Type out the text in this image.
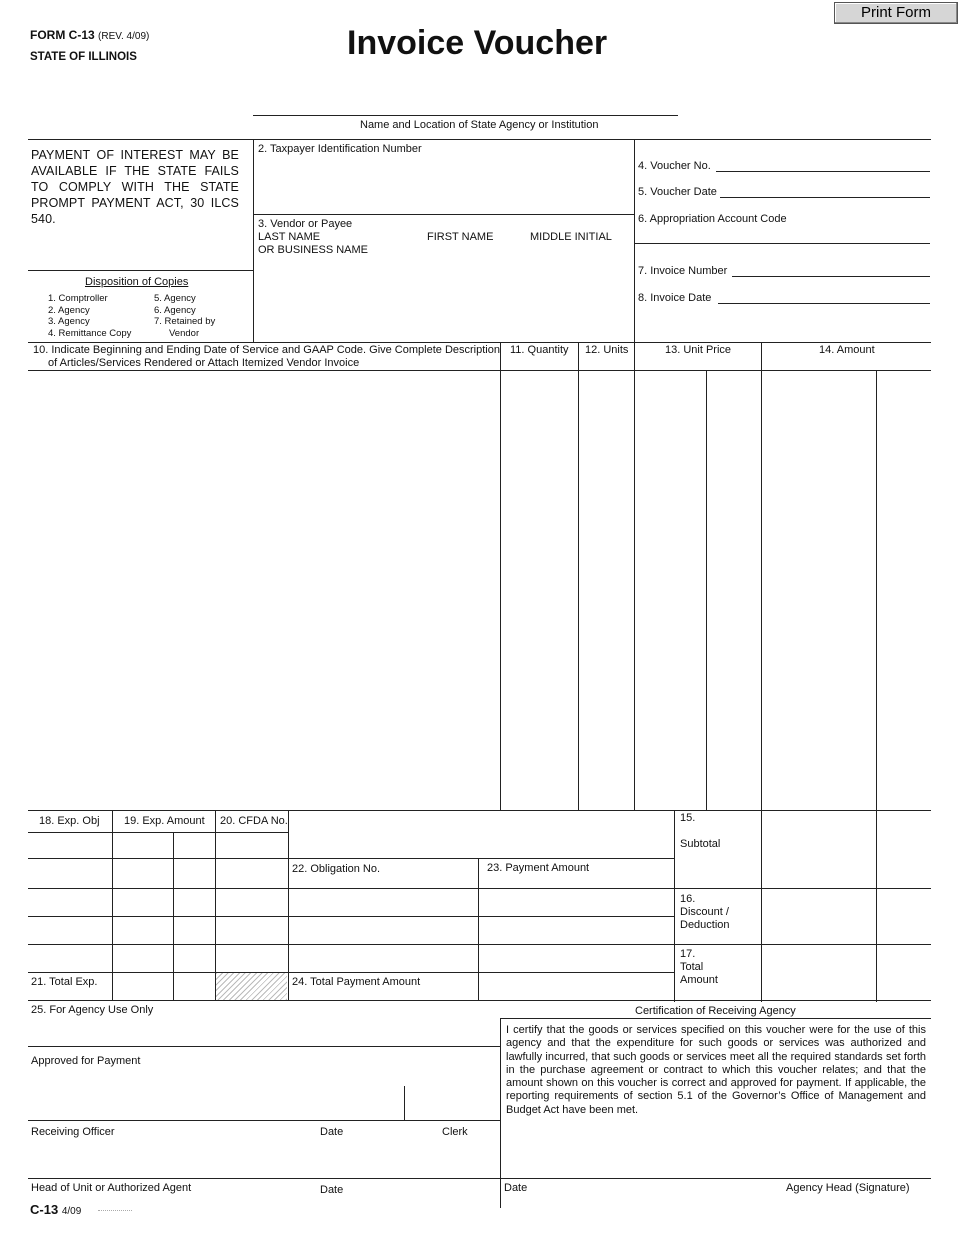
FORM C-13 (REV. 4/09)
STATE OF ILLINOIS	Invoice Voucher
Print Form
Name and Location of State Agency or Institution
PAYMENT OF INTEREST MAY BE AVAILABLE IF THE STATE FAILS TO COMPLY WITH THE STATE PROMPT PAYMENT ACT, 30 ILCS 540.
Disposition of Copies
1. Comptroller
2. Agency
3. Agency
4. Remittance Copy
5. Agency
6. Agency
7. Retained by
Vendor
2. Taxpayer Identification Number
3. Vendor or Payee
LAST NAME
OR BUSINESS NAME
FIRST NAME	MIDDLE INITIAL
4. Voucher No.
5. Voucher Date
6. Appropriation Account Code
7. Invoice Number
8. Invoice Date
10. Indicate Beginning and Ending Date of Service and GAAP Code. Give Complete Description
of Articles/Services Rendered or Attach Itemized Vendor Invoice
11. Quantity 12. Units	13. Unit Price	14. Amount
18. Exp. Obj 19. Exp. Amount 20. CFDA No.
22. Obligation No.	23. Payment Amount
21. Total Exp.	24. Total Payment Amount
15.
Subtotal
16.
Discount /
Deduction
17.
Total
Amount
25. For Agency Use Only	Certification of Receiving Agency
I certify that the goods or services specified on this voucher were for the use of this agency and that the expenditure for such goods or services was authorized and lawfully incurred, that such goods or services meet all the required standards set forth in the purchase agreement or contract to which this voucher relates; and that the amount shown on this voucher is correct and approved for payment. If applicable, the reporting requirements of section 5.1 of the Governor’s Office of Management and Budget Act have been met.
Approved for Payment
Receiving Officer	Date	Clerk
Head of Unit or Authorized Agent	Date	Date	Agency Head (Signature)
C-13 4/09
